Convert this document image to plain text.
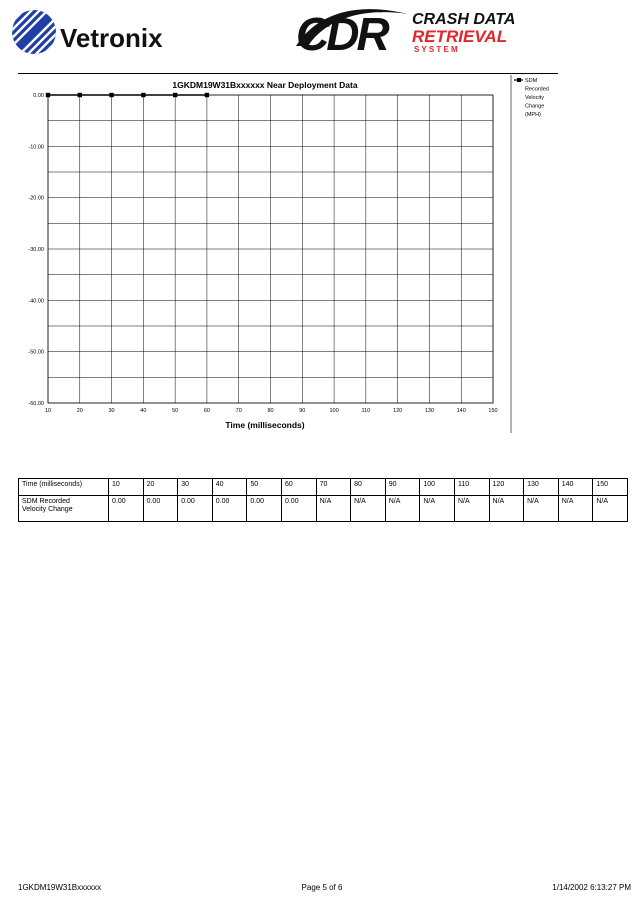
Vetronix	CDR CRASH DATA
RETRIEVAL
S Y S T E M
1GKDM19W31Bxxxxxx Near Deployment Data
0.00
-10.00
-20.00
-30.00
-40.00
-50.00
-60.00
10	20	30	40	50	60	70	80	90	100	110	120	130	140	150
Time (milliseconds)
SDM
Recorded
Velocity
Change
(MPH)
Time (milliseconds)	10	20	30	40	50	60	70	80	90	100	110	120	130	140	150
SDM Recorded
Velocity Change	0.00	0.00	0.00	0.00	0.00	0.00	N/A	N/A	N/A	N/A	N/A	N/A	N/A	N/A	N/A
1GKDM19W31Bxxxxxx	Page 5 of 6	1/14/2002 6:13:27 PM
